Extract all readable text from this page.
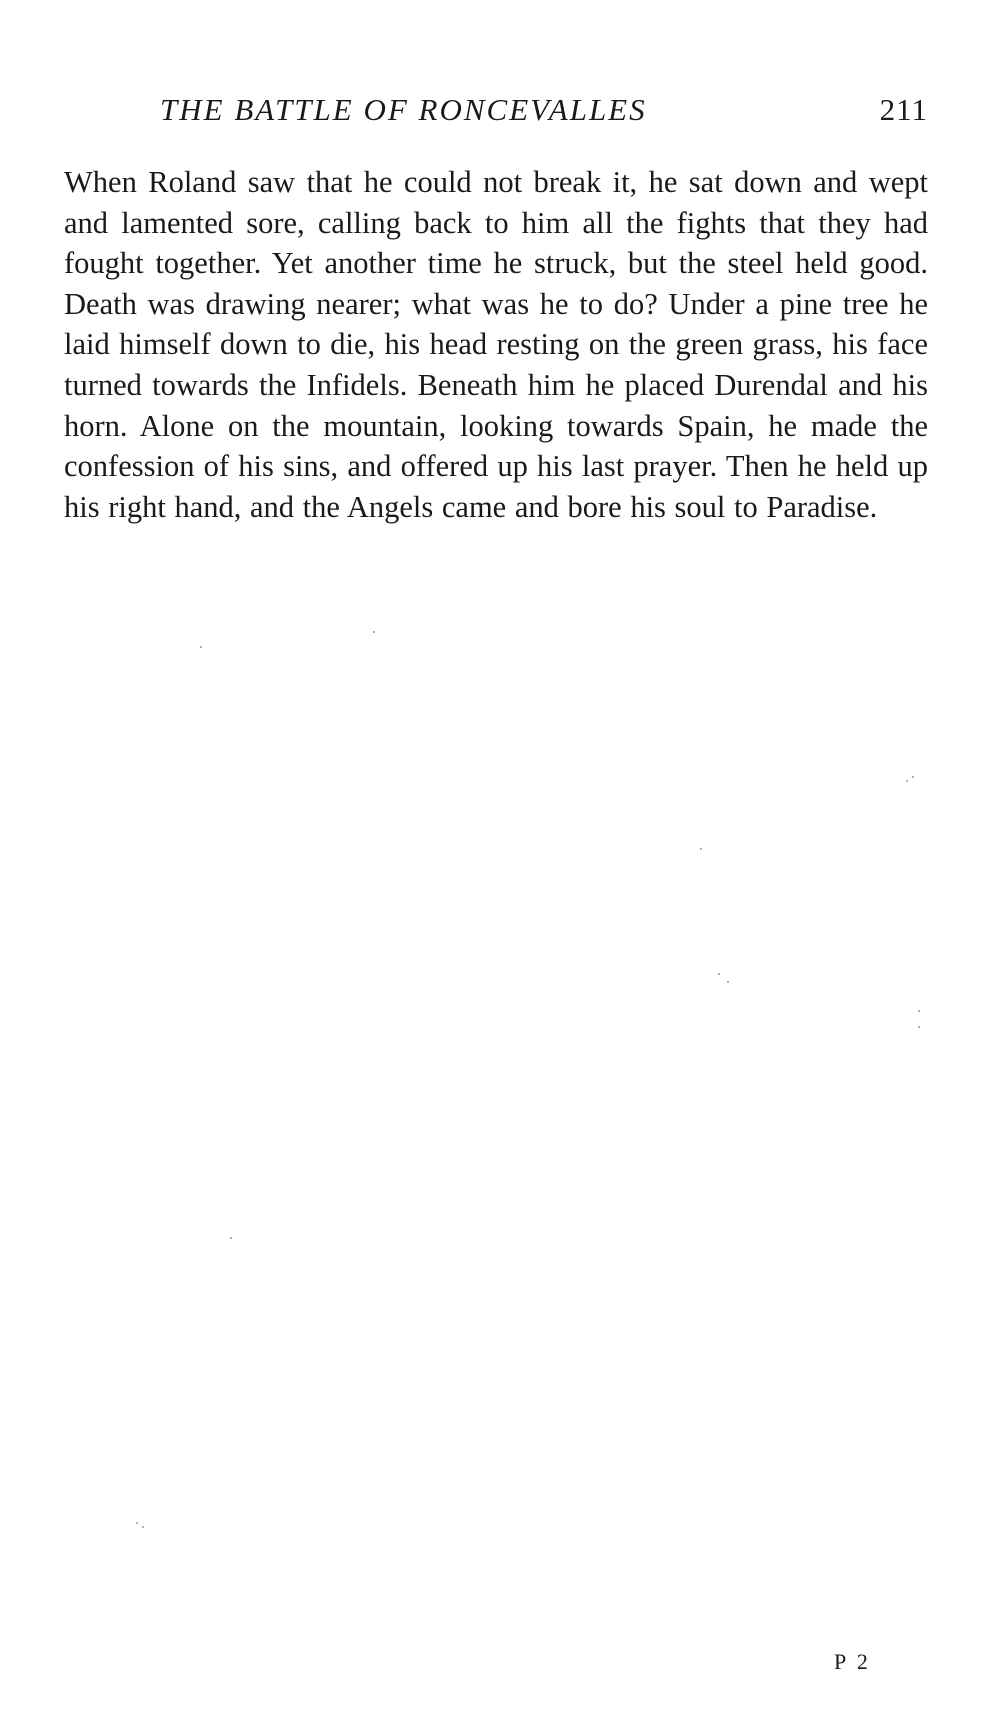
THE BATTLE OF RONCEVALLES	211

When Roland saw that he could not break it, he sat down and wept and lamented sore, calling back to him all the fights that they had fought together. Yet another time he struck, but the steel held good. Death was drawing nearer; what was he to do? Under a pine tree he laid himself down to die, his head resting on the green grass, his face turned towards the Infidels. Beneath him he placed Durendal and his horn. Alone on the mountain, looking towards Spain, he made the confession of his sins, and offered up his last prayer. Then he held up his right hand, and the Angels came and bore his soul to Paradise.

P 2
